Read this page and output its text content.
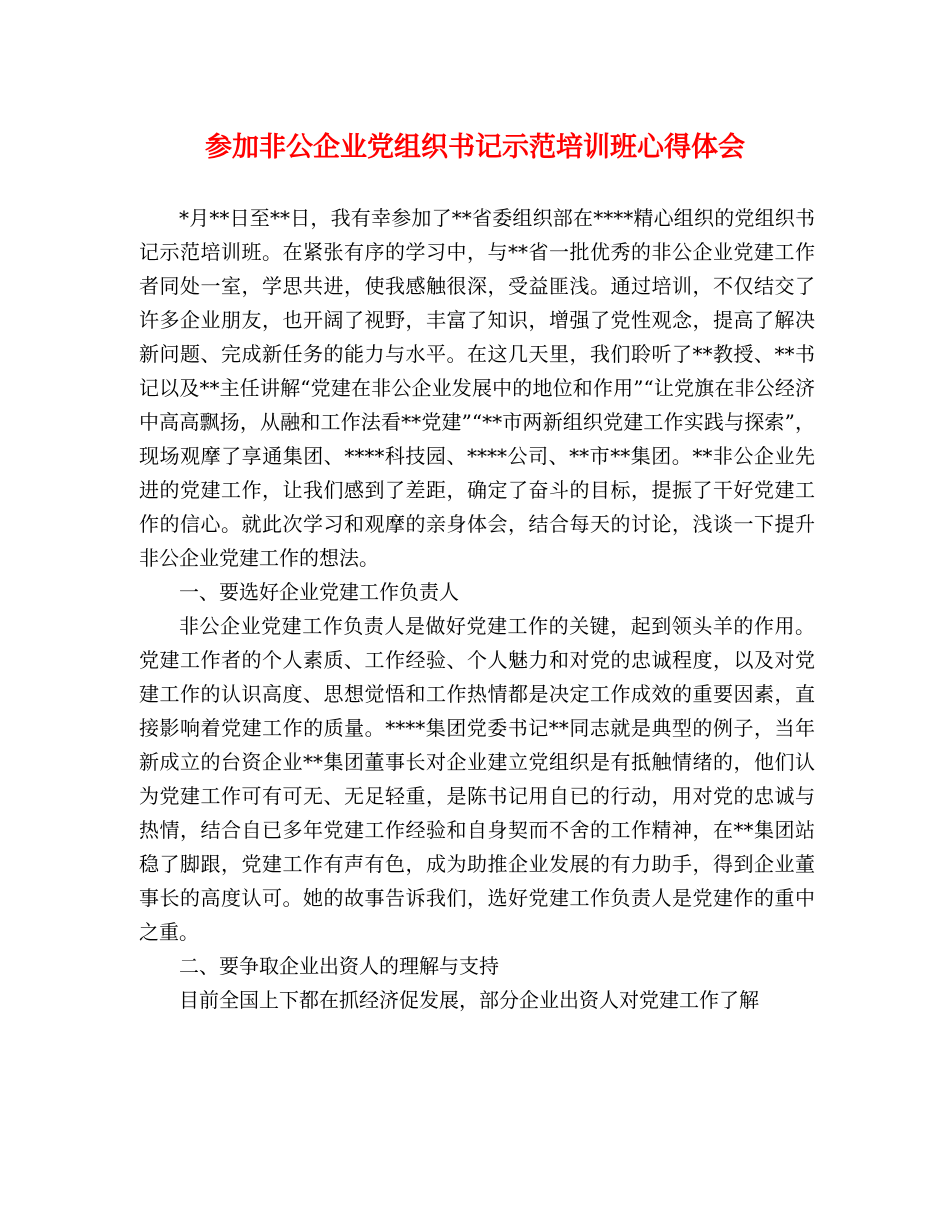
参加非公企业党组织书记示范培训班心得体会

*月**日至**日，我有幸参加了**省委组织部在****精心组织的党组织书记示范培训班。在紧张有序的学习中，与**省一批优秀的非公企业党建工作者同处一室，学思共进，使我感触很深，受益匪浅。通过培训，不仅结交了许多企业朋友，也开阔了视野，丰富了知识，增强了党性观念，提高了解决新问题、完成新任务的能力与水平。在这几天里，我们聆听了**教授、**书记以及**主任讲解“党建在非公企业发展中的地位和作用”“让党旗在非公经济中高高飘扬，从融和工作法看**党建”“**市两新组织党建工作实践与探索”，现场观摩了享通集团、****科技园、****公司、**市**集团。**非公企业先进的党建工作，让我们感到了差距，确定了奋斗的目标，提振了干好党建工作的信心。就此次学习和观摩的亲身体会，结合每天的讨论，浅谈一下提升非公企业党建工作的想法。

一、要选好企业党建工作负责人

非公企业党建工作负责人是做好党建工作的关键，起到领头羊的作用。党建工作者的个人素质、工作经验、个人魅力和对党的忠诚程度，以及对党建工作的认识高度、思想觉悟和工作热情都是决定工作成效的重要因素，直接影响着党建工作的质量。****集团党委书记**同志就是典型的例子，当年新成立的台资企业**集团董事长对企业建立党组织是有抵触情绪的，他们认为党建工作可有可无、无足轻重，是陈书记用自已的行动，用对党的忠诚与热情，结合自已多年党建工作经验和自身契而不舍的工作精神，在**集团站稳了脚跟，党建工作有声有色，成为助推企业发展的有力助手，得到企业董事长的高度认可。她的故事告诉我们，选好党建工作负责人是党建作的重中之重。

二、要争取企业出资人的理解与支持

目前全国上下都在抓经济促发展，部分企业出资人对党建工作了解
